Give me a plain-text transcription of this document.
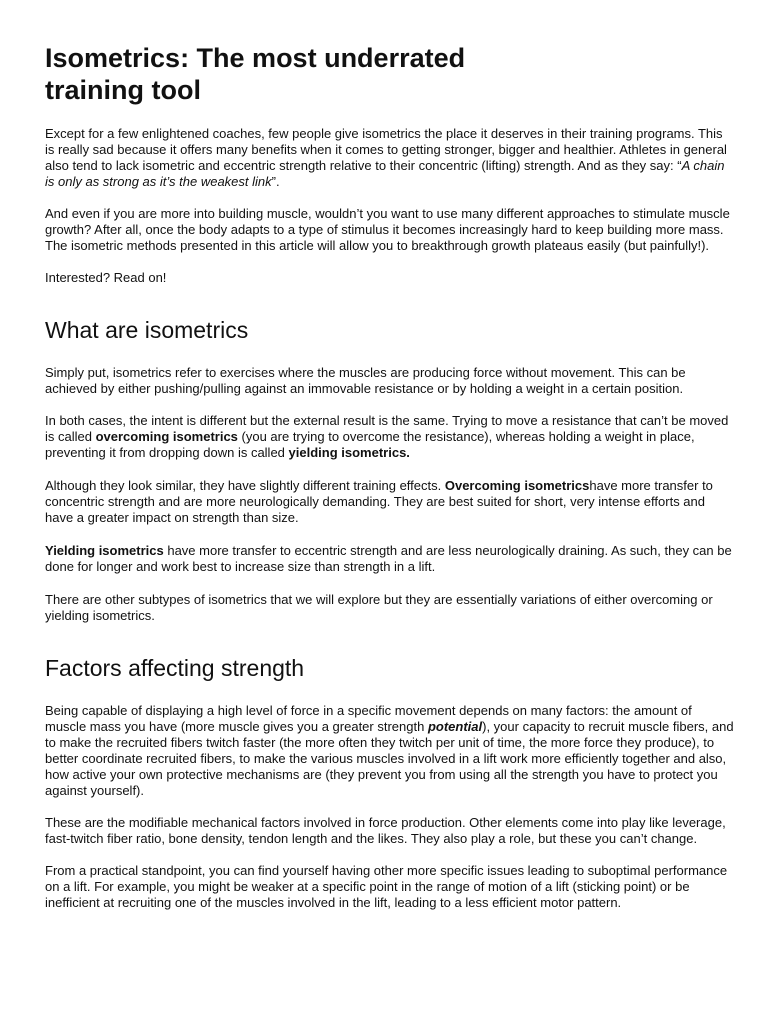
Isometrics: The most underrated training tool

Except for a few enlightened coaches, few people give isometrics the place it deserves in their training programs. This is really sad because it offers many benefits when it comes to getting stronger, bigger and healthier. Athletes in general also tend to lack isometric and eccentric strength relative to their concentric (lifting) strength. And as they say: “A chain is only as strong as it’s the weakest link”.

And even if you are more into building muscle, wouldn’t you want to use many different approaches to stimulate muscle growth? After all, once the body adapts to a type of stimulus it becomes increasingly hard to keep building more mass. The isometric methods presented in this article will allow you to breakthrough growth plateaus easily (but painfully!).

Interested? Read on!

What are isometrics

Simply put, isometrics refer to exercises where the muscles are producing force without movement. This can be achieved by either pushing/pulling against an immovable resistance or by holding a weight in a certain position.

In both cases, the intent is different but the external result is the same. Trying to move a resistance that can’t be moved is called overcoming isometrics (you are trying to overcome the resistance), whereas holding a weight in place, preventing it from dropping down is called yielding isometrics.

Although they look similar, they have slightly different training effects. Overcoming isometricshave more transfer to concentric strength and are more neurologically demanding. They are best suited for short, very intense efforts and have a greater impact on strength than size.

Yielding isometrics have more transfer to eccentric strength and are less neurologically draining. As such, they can be done for longer and work best to increase size than strength in a lift.

There are other subtypes of isometrics that we will explore but they are essentially variations of either overcoming or yielding isometrics.

Factors affecting strength

Being capable of displaying a high level of force in a specific movement depends on many factors: the amount of muscle mass you have (more muscle gives you a greater strength potential), your capacity to recruit muscle fibers, and to make the recruited fibers twitch faster (the more often they twitch per unit of time, the more force they produce), to better coordinate recruited fibers, to make the various muscles involved in a lift work more efficiently together and also, how active your own protective mechanisms are (they prevent you from using all the strength you have to protect you against yourself).

These are the modifiable mechanical factors involved in force production. Other elements come into play like leverage, fast-twitch fiber ratio, bone density, tendon length and the likes. They also play a role, but these you can’t change.

From a practical standpoint, you can find yourself having other more specific issues leading to suboptimal performance on a lift. For example, you might be weaker at a specific point in the range of motion of a lift (sticking point) or be inefficient at recruiting one of the muscles involved in the lift, leading to a less efficient motor pattern.
